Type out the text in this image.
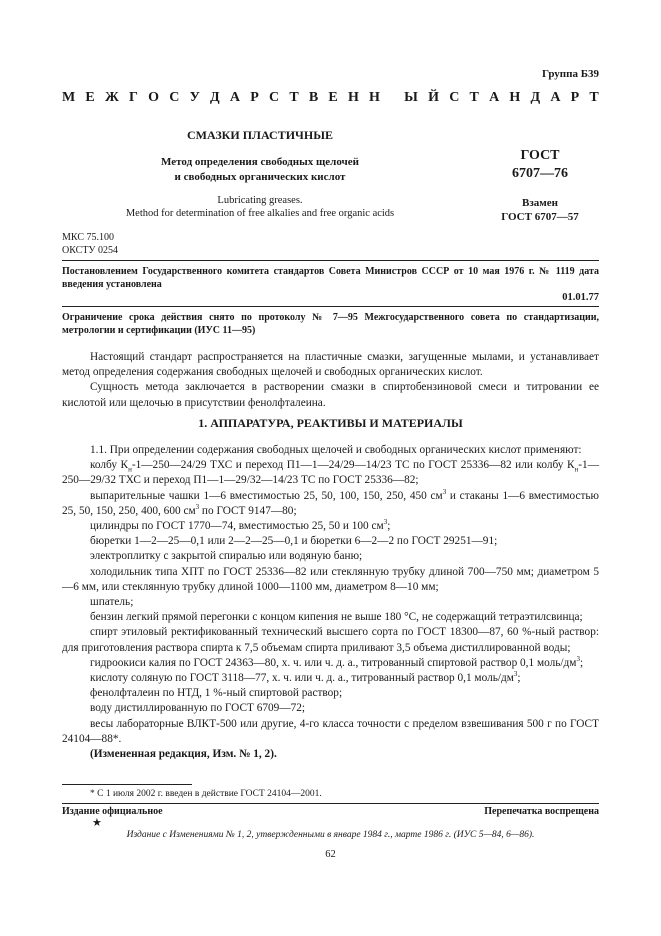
Группа Б39
М Е Ж Г О С У Д А Р С Т В Е Н Н Ы Й С Т А Н Д А Р Т
СМАЗКИ ПЛАСТИЧНЫЕ
Метод определения свободных щелочей
и свободных органических кислот
Lubricating greases.
Method for determination of free alkalies and free organic acids
ГОСТ
6707—76
Взамен
ГОСТ 6707—57
МКС 75.100
ОКСТУ 0254
Постановлением Государственного комитета стандартов Совета Министров СССР от 10 мая 1976 г. № 1119 дата введения установлена
01.01.77
Ограничение срока действия снято по протоколу № 7—95 Межгосударственного совета по стандартизации, метрологии и сертификации (ИУС 11—95)
Настоящий стандарт распространяется на пластичные смазки, загущенные мылами, и устанавливает метод определения содержания свободных щелочей и свободных органических кислот.
Сущность метода заключается в растворении смазки в спиртобензиновой смеси и титровании ее кислотой или щелочью в присутствии фенолфталеина.
1. АППАРАТУРА, РЕАКТИВЫ И МАТЕРИАЛЫ
1.1. При определении содержания свободных щелочей и свободных органических кислот применяют:
колбу $К_н-1—250—24/29$ ТХС и переход П1—1—24/29—14/23 ТС по ГОСТ 25336—82 или колбу $К_н-1—250—29/32$ ТХС и переход П1—1—29/32—14/23 ТС по ГОСТ 25336—82;
выпарительные чашки 1—6 вместимостью 25, 50, 100, 150, 250, 450 $см^3$ и стаканы 1—6 вместимостью 25, 50, 150, 250, 400, 600 $см^3$ по ГОСТ 9147—80;
цилиндры по ГОСТ 1770—74, вместимостью 25, 50 и 100 $см^3$;
бюретки 1—2—25—0,1 или 2—2—25—0,1 и бюретки 6—2—2 по ГОСТ 29251—91;
электроплитку с закрытой спиралью или водяную баню;
холодильник типа ХПТ по ГОСТ 25336—82 или стеклянную трубку длиной 700—750 мм; диаметром 5—6 мм, или стеклянную трубку длиной 1000—1100 мм, диаметром 8—10 мм;
шпатель;
бензин легкий прямой перегонки с концом кипения не выше 180 °С, не содержащий тетраэтилсвинца;
спирт этиловый ректификованный технический высшего сорта по ГОСТ 18300—87, 60 %-ный раствор: для приготовления раствора спирта к 7,5 объемам спирта приливают 3,5 объема дистиллированной воды;
гидроокиси калия по ГОСТ 24363—80, х. ч. или ч. д. а., титрованный спиртовой раствор 0,1 моль/$дм^3$;
кислоту соляную по ГОСТ 3118—77, х. ч. или ч. д. а., титрованный раствор 0,1 моль/$дм^3$;
фенолфталеин по НТД, 1 %-ный спиртовой раствор;
воду дистиллированную по ГОСТ 6709—72;
весы лабораторные ВЛКТ-500 или другие, 4-го класса точности с пределом взвешивания 500 г по ГОСТ 24104—88*.
(Измененная редакция, Изм. № 1, 2).
* С 1 июля 2002 г. введен в действие ГОСТ 24104—2001.
Издание официальное	Перепечатка воспрещена
★
Издание с Изменениями № 1, 2, утвержденными в январе 1984 г., марте 1986 г. (ИУС 5—84, 6—86).
62
